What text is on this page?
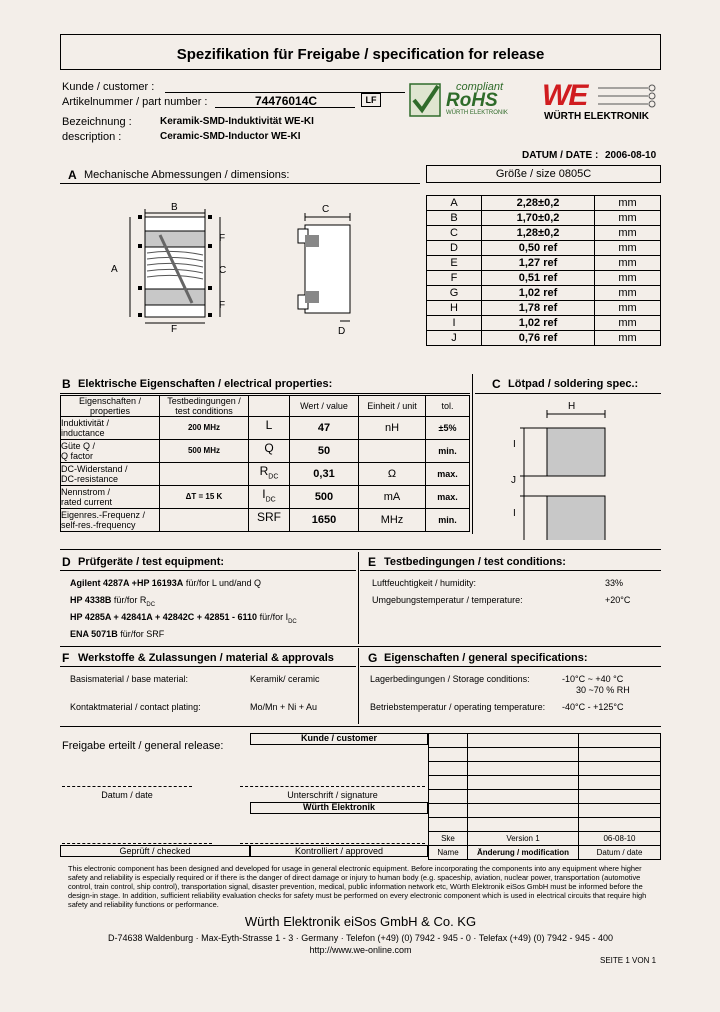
Spezifikation für Freigabe / specification for release
Kunde / customer :
Artikelnummer / part number :	74476014C	LF
Bezeichnung :	Keramik-SMD-Induktivität WE-KI
description :	Ceramic-SMD-Inductor WE-KI
compliant
RoHS
WÜRTH ELEKTRONIK
WE
WÜRTH ELEKTRONIK
DATUM / DATE : 2006-08-10
A Mechanische Abmessungen / dimensions:	Größe / size 0805C
B
A	C
F
F
F
C
D
A	2,28±0,2	mm
B	1,70±0,2	mm
C	1,28±0,2	mm
D	0,50 ref	mm
E	1,27 ref	mm
F	0,51 ref	mm
G	1,02 ref	mm
H	1,78 ref	mm
I	1,02 ref	mm
J	0,76 ref	mm
B Elektrische Eigenschaften / electrical properties:
Eigenschaften /
properties	Testbedingungen /
test conditions		Wert / value	Einheit / unit	tol.
Induktivität /
inductance	200 MHz	L	47	nH	±5%
Güte Q /
Q factor	500 MHz	Q	50		min.
DC-Widerstand /
DC-resistance		$R_{DC}$	0,31	Ω	max.
Nennstrom /
rated current	ΔT = 15 K	$I_{DC}$	500	mA	max.
Eigenres.-Frequenz /
self-res.-frequency		SRF	1650	MHz	min.
C Lötpad / soldering spec.:
H
I
J
I
D Prüfgeräte / test equipment:
Agilent 4287A +HP 16193A für/for L und/and Q
HP 4338B für/for $R_{DC}$
HP 4285A + 42841A + 42842C + 42851 - 6110 für/for $I_{DC}$
ENA 5071B für/for SRF
E Testbedingungen / test conditions:
Luftfeuchtigkeit / humidity:	33%
Umgebungstemperatur / temperature:	+20°C
F Werkstoffe & Zulassungen / material & approvals
Basismaterial / base material:	Keramik/ ceramic
Kontaktmaterial / contact plating:	Mo/Mn + Ni + Au
G Eigenschaften / general specifications:
Lagerbedingungen / Storage conditions:	-10°C ~ +40 °C
30 ~70 % RH
Betriebstemperatur / operating temperature: -40°C - +125°C
Freigabe erteilt / general release:
Kunde / customer
Datum / date	Unterschrift / signature
Würth Elektronik
Geprüft / checked	Kontrolliert / approved

Ske	Version 1	06-08-10
Name	Änderung / modification	Datum / date
This electronic component has been designed and developed for usage in general electronic equipment. Before incorporating the components into any equipment where higher safety and reliability is especially required or if there is the danger of direct damage or injury to human body (e.g. spaceship, aviation, nuclear power, transportation (automotive control, train control, ship control), transportation signal, disaster prevention, medical, public information network etc, Würth Elektronik eiSos GmbH must be informed before the design-in stage. In addition, sufficient reliability evaluation checks for safety must be performed on every electronic component which is used in electrical circuits that require high safety and reliability functions or performance.
Würth Elektronik eiSos GmbH & Co. KG
D-74638 Waldenburg · Max-Eyth-Strasse 1 - 3 · Germany · Telefon (+49) (0) 7942 - 945 - 0 · Telefax (+49) (0) 7942 - 945 - 400
http://www.we-online.com
SEITE 1 VON 1
